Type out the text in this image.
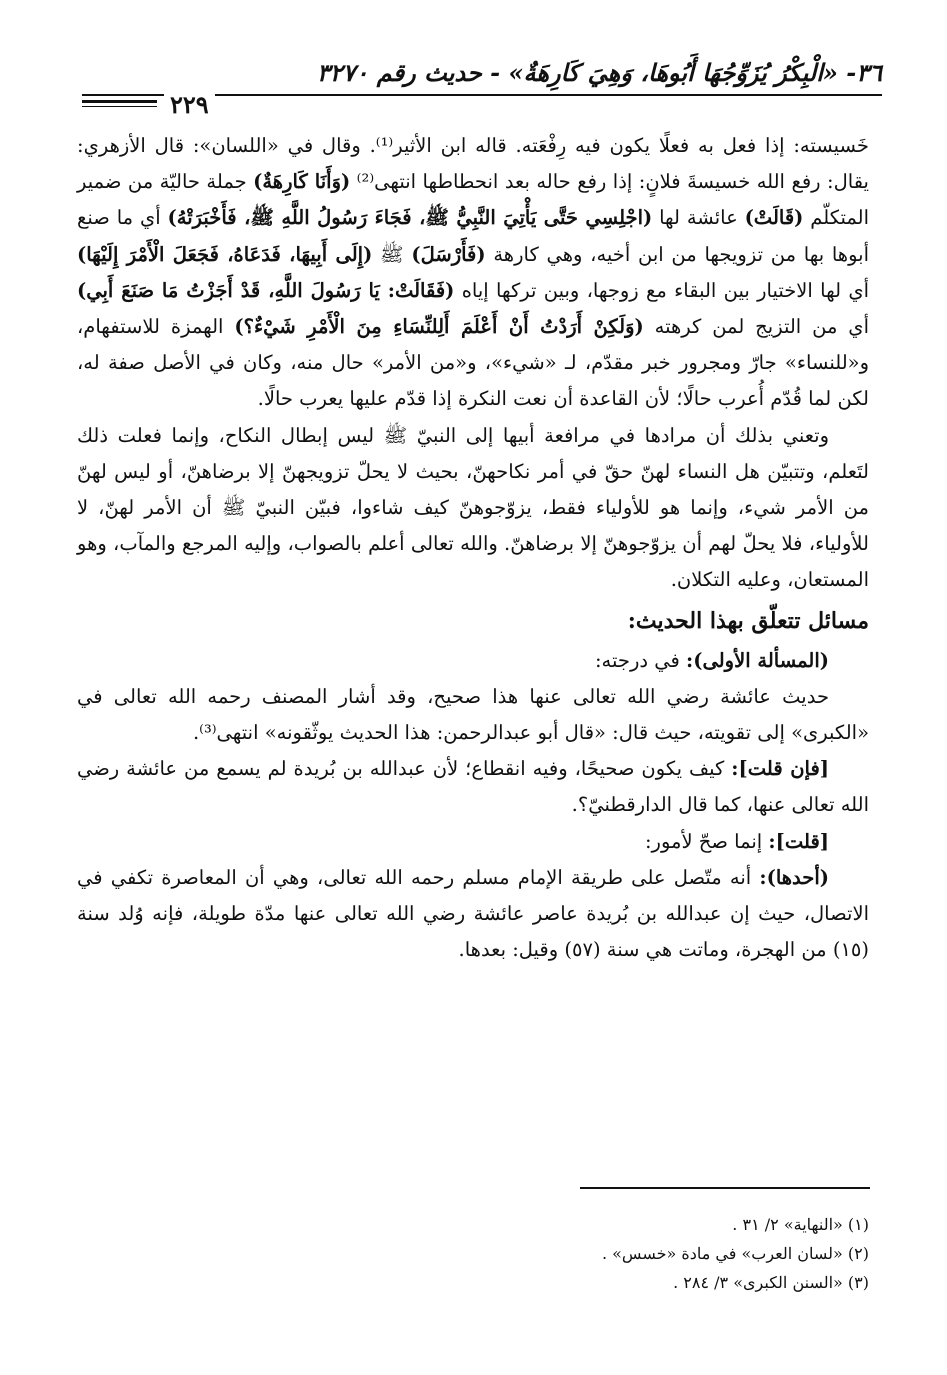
٣٦- «الْبِكْرُ يُزَوِّجُهَا أَبُوهَا، وَهِيَ كَارِهَةٌ» - حديث رقم ٣٢٧٠
٢٢٩

خَسيسته: إذا فعل به فعلًا يكون فيه رِفْعَته. قاله ابن الأثير⁽¹⁾. وقال في «اللسان»: قال الأزهري: يقال: رفع الله خسيسةَ فلانٍ: إذا رفع حاله بعد انحطاطها انتهى⁽²⁾ (وَأَنَا كَارِهَةٌ) جملة حاليّة من ضمير المتكلّم (قَالَتْ) عائشة لها (اجْلِسِي حَتَّى يَأْتِيَ النَّبِيُّ ﷺ، فَجَاءَ رَسُولُ اللَّهِ ﷺ، فَأَخْبَرَتْهُ) أي ما صنع أبوها بها من تزويجها من ابن أخيه، وهي كارهة (فَأَرْسَلَ) ﷺ (إِلَى أَبِيهَا، فَدَعَاهُ، فَجَعَلَ الْأَمْرَ إِلَيْهَا) أي لها الاختيار بين البقاء مع زوجها، وبين تركها إياه (فَقَالَتْ: يَا رَسُولَ اللَّهِ، قَدْ أَجَزْتُ مَا صَنَعَ أَبِي) أي من التزيج لمن كرهته (وَلَكِنْ أَرَدْتُ أَنْ أَعْلَمَ أَلِلنِّسَاءِ مِنَ الْأَمْرِ شَيْءٌ؟) الهمزة للاستفهام، و«للنساء» جارّ ومجرور خبر مقدّم، لـ «شيء»، و«من الأمر» حال منه، وكان في الأصل صفة له، لكن لما قُدّم أُعرب حالًا؛ لأن القاعدة أن نعت النكرة إذا قدّم عليها يعرب حالًا.

وتعني بذلك أن مرادها في مرافعة أبيها إلى النبيّ ﷺ ليس إبطال النكاح، وإنما فعلت ذلك لتَعلم، وتتبيّن هل النساء لهنّ حقّ في أمر نكاحهنّ، بحيث لا يحلّ تزويجهنّ إلا برضاهنّ، أو ليس لهنّ من الأمر شيء، وإنما هو للأولياء فقط، يزوّجوهنّ كيف شاءوا، فبيّن النبيّ ﷺ أن الأمر لهنّ، لا للأولياء، فلا يحلّ لهم أن يزوّجوهنّ إلا برضاهنّ. والله تعالى أعلم بالصواب، وإليه المرجع والمآب، وهو المستعان، وعليه التكلان.

مسائل تتعلّق بهذا الحديث:

(المسألة الأولى): في درجته:

حديث عائشة رضي الله تعالى عنها هذا صحيح، وقد أشار المصنف رحمه الله تعالى في «الكبرى» إلى تقويته، حيث قال: «قال أبو عبدالرحمن: هذا الحديث يوثّقونه» انتهى⁽³⁾.

[فإن قلت]: كيف يكون صحيحًا، وفيه انقطاع؛ لأن عبدالله بن بُريدة لم يسمع من عائشة رضي الله تعالى عنها، كما قال الدارقطنيّ؟.

[قلت]: إنما صحّ لأمور:

(أحدها): أنه متّصل على طريقة الإمام مسلم رحمه الله تعالى، وهي أن المعاصرة تكفي في الاتصال، حيث إن عبدالله بن بُريدة عاصر عائشة رضي الله تعالى عنها مدّة طويلة، فإنه وُلد سنة (١٥) من الهجرة، وماتت هي سنة (٥٧) وقيل: بعدها.

(١) «النهاية» ٢/ ٣١ .

(٢) «لسان العرب» في مادة «خسس» .

(٣) «السنن الكبرى» ٣/ ٢٨٤ .
